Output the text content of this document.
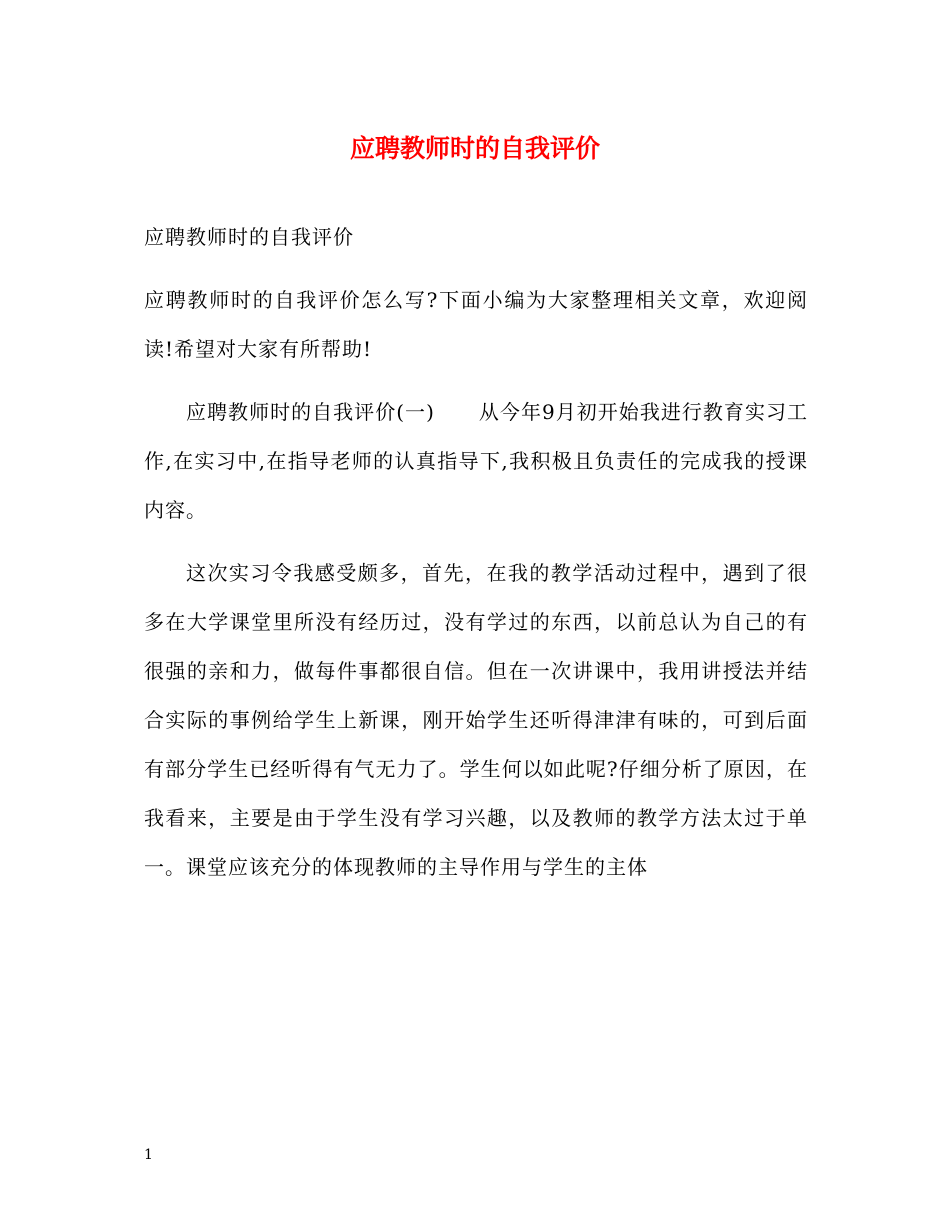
应聘教师时的自我评价

应聘教师时的自我评价

应聘教师时的自我评价怎么写?下面小编为大家整理相关文章，欢迎阅读!希望对大家有所帮助!

应聘教师时的自我评价(一) 从今年9月初开始我进行教育实习工作,在实习中,在指导老师的认真指导下,我积极且负责任的完成我的授课内容。

这次实习令我感受颇多，首先，在我的教学活动过程中，遇到了很多在大学课堂里所没有经历过，没有学过的东西，以前总认为自己的有很强的亲和力，做每件事都很自信。但在一次讲课中，我用讲授法并结合实际的事例给学生上新课，刚开始学生还听得津津有味的，可到后面有部分学生已经听得有气无力了。学生何以如此呢?仔细分析了原因，在我看来，主要是由于学生没有学习兴趣，以及教师的教学方法太过于单一。课堂应该充分的体现教师的主导作用与学生的主体

1
